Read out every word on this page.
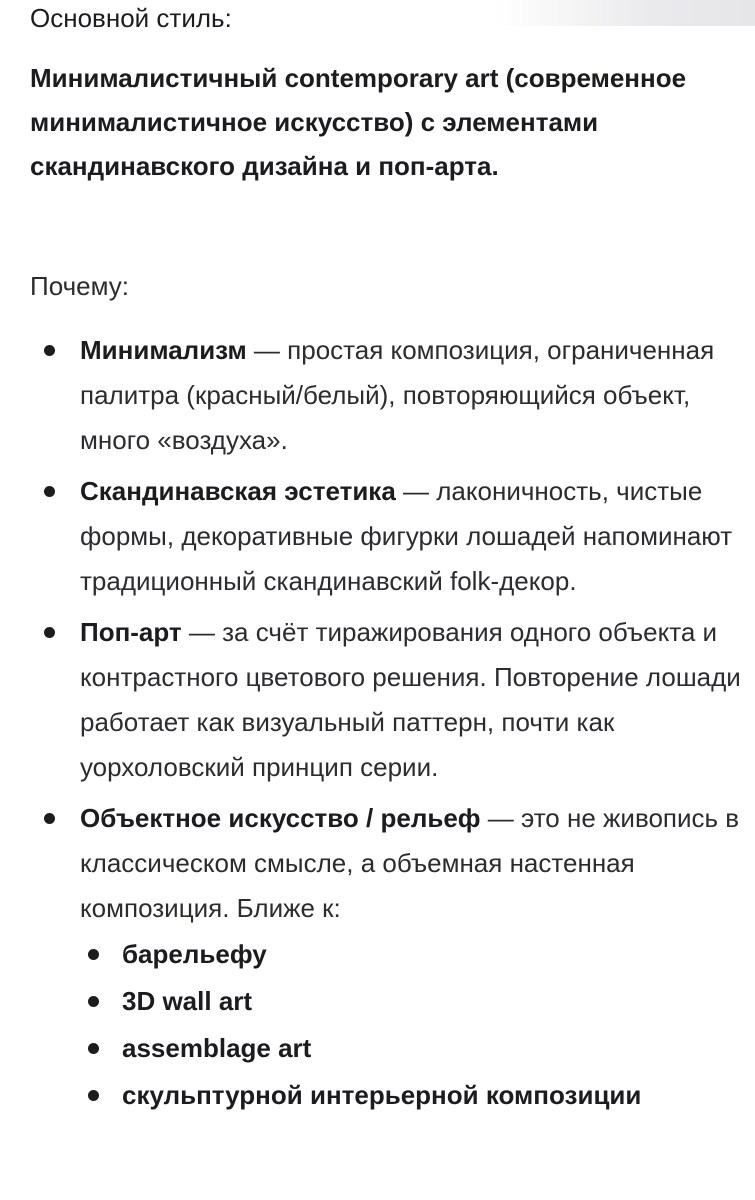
Основной стиль:
Минималистичный contemporary art (современное минималистичное искусство) с элементами скандинавского дизайна и поп-арта.
Почему:
Минимализм — простая композиция, ограниченная палитра (красный/белый), повторяющийся объект, много «воздуха».
Скандинавская эстетика — лаконичность, чистые формы, декоративные фигурки лошадей напоминают традиционный скандинавский folk-декор.
Поп-арт — за счёт тиражирования одного объекта и контрастного цветового решения. Повторение лошади работает как визуальный паттерн, почти как уорхоловский принцип серии.
Объектное искусство / рельеф — это не живопись в классическом смысле, а объемная настенная композиция. Ближе к:
барельефу
3D wall art
assemblage art
скульптурной интерьерной композиции
